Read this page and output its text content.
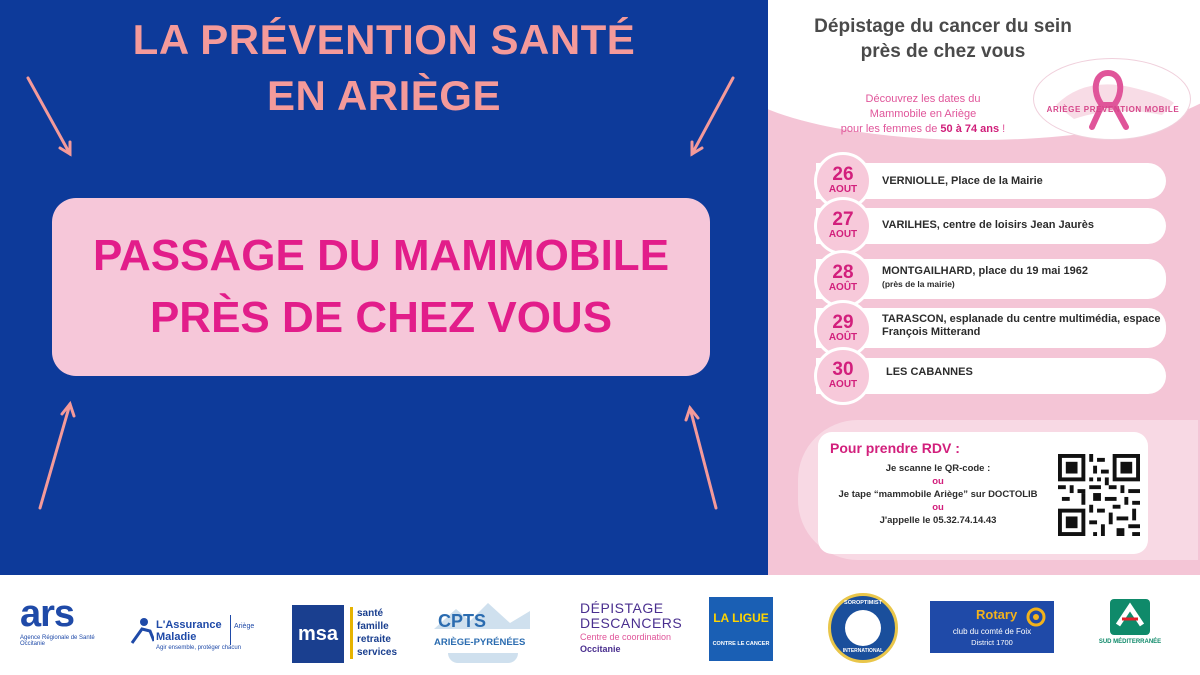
LA PRÉVENTION SANTÉ
EN ARIÈGE
PASSAGE DU MAMMOBILE
PRÈS DE CHEZ VOUS
Dépistage du cancer du sein
près de chez vous
ARIÈGE PRÉVENTION MOBILE
Découvrez les dates du
Mammobile en Ariège
pour les femmes de 50 à 74 ans !
VERNIOLLE, Place de la Mairie
26
AOUT
VARILHES, centre de loisirs Jean Jaurès
27
AOUT
MONTGAILHARD, place du 19 mai 1962
(près de la mairie)
28
AOÛT
TARASCON, esplanade du centre multimédia, espace François Mitterand
29
AOÛT
LES CABANNES
30
AOUT
Pour prendre RDV :
Je scanne le QR-code :
ou
Je tape “mammobile Ariège” sur DOCTOLIB
ou
J'appelle le 05.32.74.14.43
ars
Agence Régionale de Santé
Occitanie
L'Assurance
Maladie
Agir ensemble, protéger chacun
Ariège msa
santé
famille
retraite
services
CPTS
ARIÈGE-PYRÉNÉES
DÉPISTAGE
DESCANCERS
Centre de coordination
Occitanie
LA LIGUE
CONTRE LE CANCER
SOROPTIMIST
INTERNATIONAL
Rotary
club du comté de Foix
District 1700	SUD MÉDITERRANÉE
